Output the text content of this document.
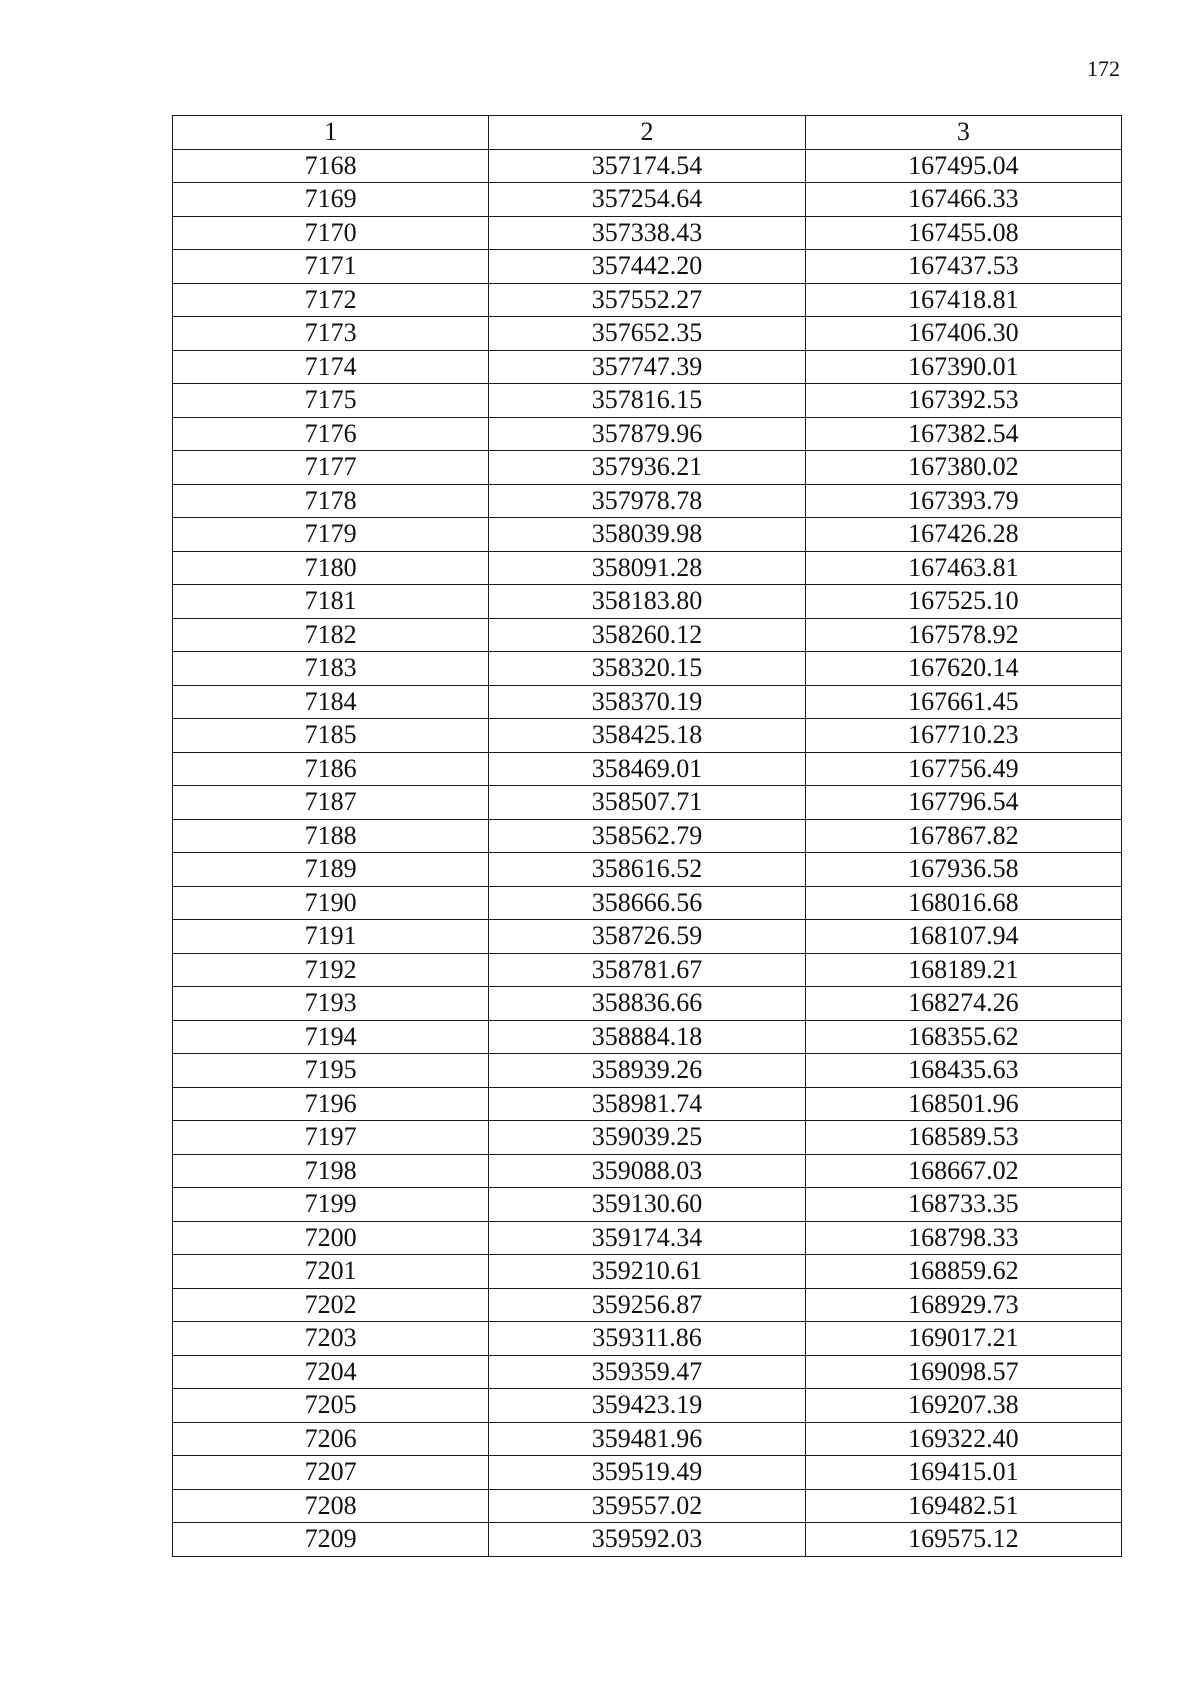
172
1	2	3
7168	357174.54	167495.04
7169	357254.64	167466.33
7170	357338.43	167455.08
7171	357442.20	167437.53
7172	357552.27	167418.81
7173	357652.35	167406.30
7174	357747.39	167390.01
7175	357816.15	167392.53
7176	357879.96	167382.54
7177	357936.21	167380.02
7178	357978.78	167393.79
7179	358039.98	167426.28
7180	358091.28	167463.81
7181	358183.80	167525.10
7182	358260.12	167578.92
7183	358320.15	167620.14
7184	358370.19	167661.45
7185	358425.18	167710.23
7186	358469.01	167756.49
7187	358507.71	167796.54
7188	358562.79	167867.82
7189	358616.52	167936.58
7190	358666.56	168016.68
7191	358726.59	168107.94
7192	358781.67	168189.21
7193	358836.66	168274.26
7194	358884.18	168355.62
7195	358939.26	168435.63
7196	358981.74	168501.96
7197	359039.25	168589.53
7198	359088.03	168667.02
7199	359130.60	168733.35
7200	359174.34	168798.33
7201	359210.61	168859.62
7202	359256.87	168929.73
7203	359311.86	169017.21
7204	359359.47	169098.57
7205	359423.19	169207.38
7206	359481.96	169322.40
7207	359519.49	169415.01
7208	359557.02	169482.51
7209	359592.03	169575.12
